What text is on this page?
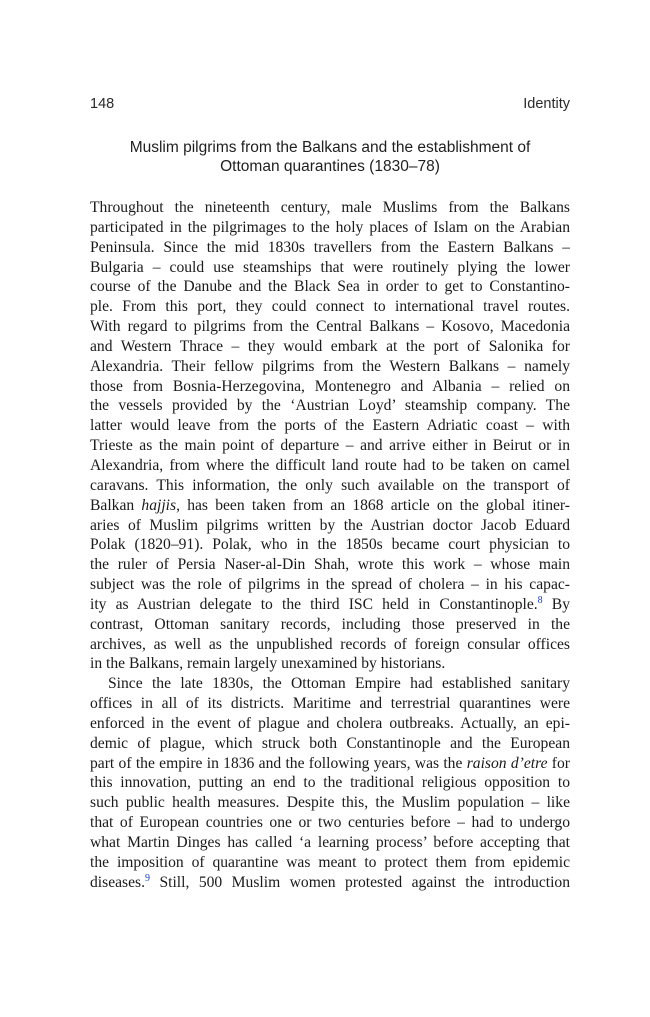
148	Identity
Muslim pilgrims from the Balkans and the establishment of
Ottoman quarantines (1830–78)
Throughout the nineteenth century, male Muslims from the Balkans
participated in the pilgrimages to the holy places of Islam on the Arabian
Peninsula. Since the mid 1830s travellers from the Eastern Balkans –
Bulgaria – could use steamships that were routinely plying the lower
course of the Danube and the Black Sea in order to get to Constantino-
ple. From this port, they could connect to international travel routes.
With regard to pilgrims from the Central Balkans – Kosovo, Macedonia
and Western Thrace – they would embark at the port of Salonika for
Alexandria. Their fellow pilgrims from the Western Balkans – namely
those from Bosnia-Herzegovina, Montenegro and Albania – relied on
the vessels provided by the ‘Austrian Loyd’ steamship company. The
latter would leave from the ports of the Eastern Adriatic coast – with
Trieste as the main point of departure – and arrive either in Beirut or in
Alexandria, from where the difficult land route had to be taken on camel
caravans. This information, the only such available on the transport of
Balkan hajjis, has been taken from an 1868 article on the global itiner-
aries of Muslim pilgrims written by the Austrian doctor Jacob Eduard
Polak (1820–91). Polak, who in the 1850s became court physician to
the ruler of Persia Naser-al-Din Shah, wrote this work – whose main
subject was the role of pilgrims in the spread of cholera – in his capac-
ity as Austrian delegate to the third ISC held in Constantinople.$^8$ By
contrast, Ottoman sanitary records, including those preserved in the
archives, as well as the unpublished records of foreign consular offices
in the Balkans, remain largely unexamined by historians.
Since the late 1830s, the Ottoman Empire had established sanitary
offices in all of its districts. Maritime and terrestrial quarantines were
enforced in the event of plague and cholera outbreaks. Actually, an epi-
demic of plague, which struck both Constantinople and the European
part of the empire in 1836 and the following years, was the raison d’etre for
this innovation, putting an end to the traditional religious opposition to
such public health measures. Despite this, the Muslim population – like
that of European countries one or two centuries before – had to undergo
what Martin Dinges has called ‘a learning process’ before accepting that
the imposition of quarantine was meant to protect them from epidemic
diseases.$^9$ Still, 500 Muslim women protested against the introduction
